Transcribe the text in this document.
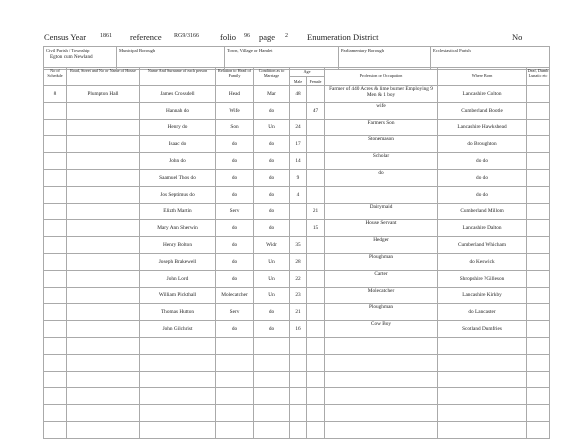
Census Year 1861 reference RG9/3166 folio 96 page 2 Enumeration District	No
Civil Parish / Township
Egton cum Newland
	Municipal Borough	Town, Village or Hamlet	Parliamentary Borough	Ecclesiastical Parish
No of Schedule	Road, Street and No or Name of House	Name And Surname of each person	Relation to Head of Family	Condition as to Marriage	Age		Profession or Occupation	Where Born	Deaf, Dumb Lunatic etc
					Male	Female			
8	Plumpton Hall	James Crossdell	Head	Mar	48		Farmer of 440 Acres & lime burner Employing 9 Men & 1 boy	Lancashire Colton	
		Hannah do	Wife	do		47	wife	Cumberland Bootle	
		Henry do	Son	Un	24		Farmers Son	Lancashire Hawkshead	
		Isaac do	do	do	17		Stonemason	do Broughton	
		John do	do	do	14		Scholar	do do	
		Saamuel Thos do	do	do	9		do	do do	
		Jos Septimus do	do	do	4			do do	
		Elizth Martin	Serv	do		21	Dairymaid	Cumberland Millom	
		Mary Ann Sherwin	do	do		15	House Servant	Lancashire Dalton	
		Henry Bolton	do	Widr	35		Hedger	Cumberland Whicham	
		Joseph Brakewell	do	Un	28		Ploughman	do Keswick	
		John Lord	do	Un	22		Carter	Shropshire ?Gilleson	
		William Pickthall	Molecatcher	Un	23		Molecatcher	Lancashire Kirkby	
		Thomas Hutton	Serv	do	21		Ploughman	do Lancaster	
		John Gilchrist	do	do	16		Cow Boy	Scotland Dumfries	
